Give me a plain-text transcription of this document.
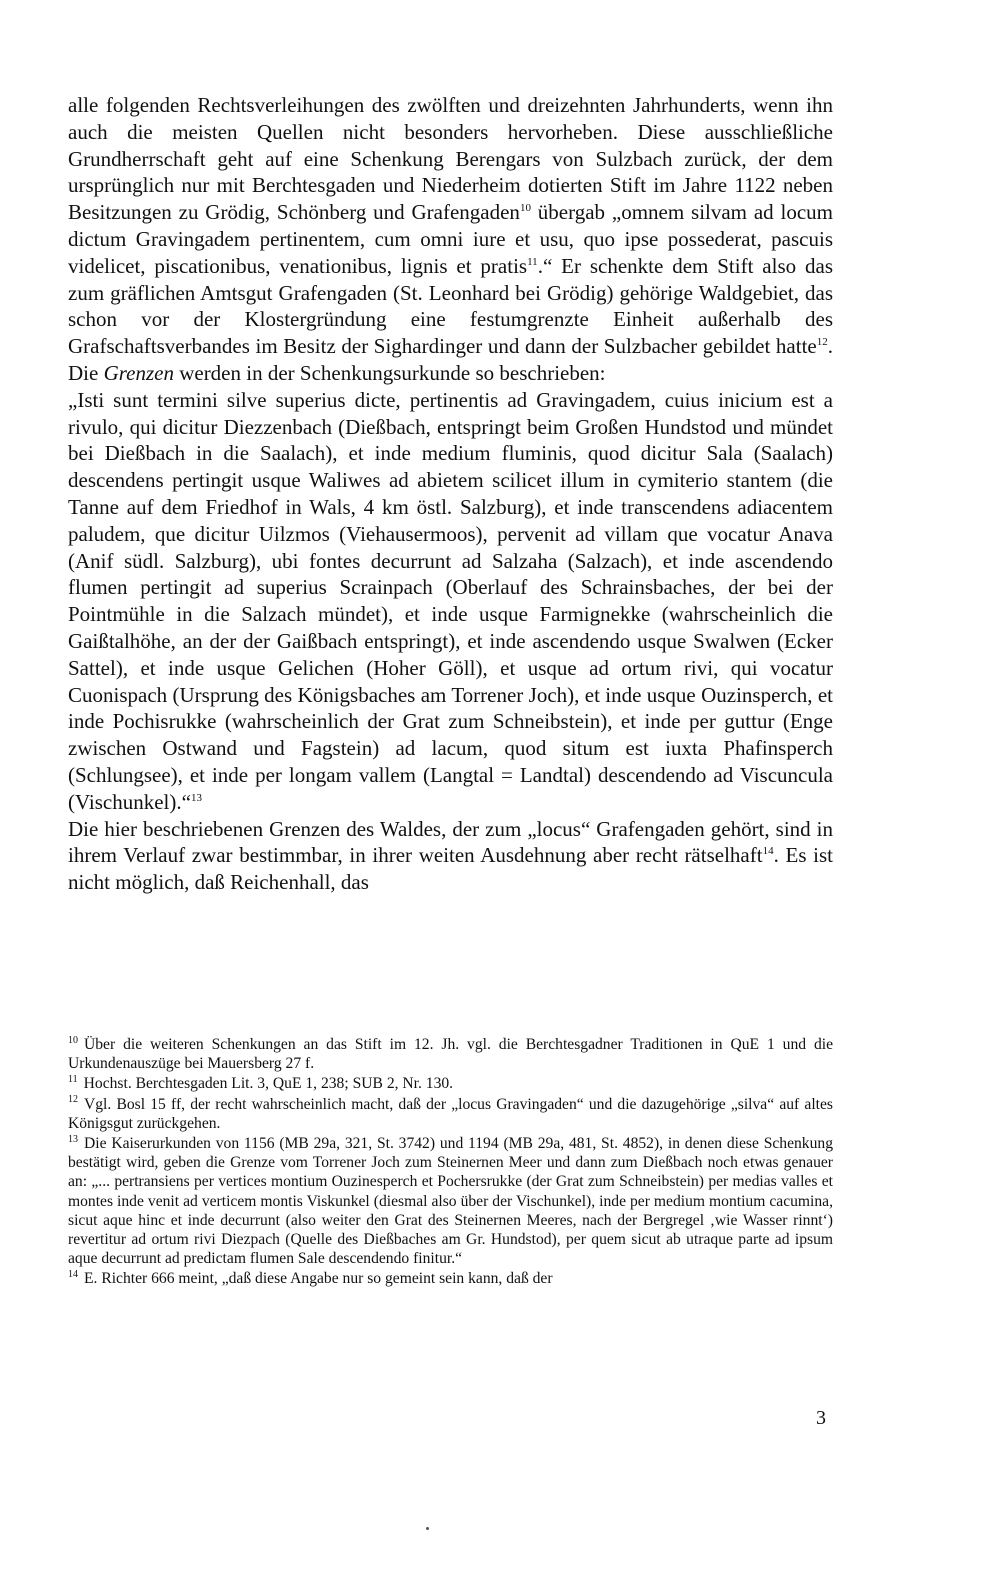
alle folgenden Rechtsverleihungen des zwölften und dreizehnten Jahrhunderts, wenn ihn auch die meisten Quellen nicht besonders hervorheben. Diese ausschließliche Grundherrschaft geht auf eine Schenkung Berengars von Sulzbach zurück, der dem ursprünglich nur mit Berchtesgaden und Niederheim dotierten Stift im Jahre 1122 neben Besitzungen zu Grödig, Schönberg und Grafengaden$^{10}$ übergab „omnem silvam ad locum dictum Gravingadem pertinentem, cum omni iure et usu, quo ipse possederat, pascuis videlicet, piscationibus, venationibus, lignis et pratis$^{11}$.“ Er schenkte dem Stift also das zum gräflichen Amtsgut Grafengaden (St. Leonhard bei Grödig) gehörige Waldgebiet, das schon vor der Klostergründung eine festumgrenzte Einheit außerhalb des Grafschaftsverbandes im Besitz der Sighardinger und dann der Sulzbacher gebildet hatte$^{12}$. Die Grenzen werden in der Schenkungsurkunde so beschrieben:
„Isti sunt termini silve superius dicte, pertinentis ad Gravingadem, cuius inicium est a rivulo, qui dicitur Diezzenbach (Dießbach, entspringt beim Großen Hundstod und mündet bei Dießbach in die Saalach), et inde medium fluminis, quod dicitur Sala (Saalach) descendens pertingit usque Waliwes ad abietem scilicet illum in cymiterio stantem (die Tanne auf dem Friedhof in Wals, 4 km östl. Salzburg), et inde transcendens adiacentem paludem, que dicitur Uilzmos (Viehausermoos), pervenit ad villam que vocatur Anava (Anif südl. Salzburg), ubi fontes decurrunt ad Salzaha (Salzach), et inde ascendendo flumen pertingit ad superius Scrainpach (Oberlauf des Schrainsbaches, der bei der Pointmühle in die Salzach mündet), et inde usque Farmignekke (wahrscheinlich die Gaißtalhöhe, an der der Gaißbach entspringt), et inde ascendendo usque Swalwen (Ecker Sattel), et inde usque Gelichen (Hoher Göll), et usque ad ortum rivi, qui vocatur Cuonispach (Ursprung des Königsbaches am Torrener Joch), et inde usque Ouzinsperch, et inde Pochisrukke (wahrscheinlich der Grat zum Schneibstein), et inde per guttur (Enge zwischen Ostwand und Fagstein) ad lacum, quod situm est iuxta Phafinsperch (Schlungsee), et inde per longam vallem (Langtal = Landtal) descendendo ad Viscuncula (Vischunkel).“$^{13}$
Die hier beschriebenen Grenzen des Waldes, der zum „locus“ Grafengaden gehört, sind in ihrem Verlauf zwar bestimmbar, in ihrer weiten Ausdehnung aber recht rätselhaft$^{14}$. Es ist nicht möglich, daß Reichenhall, das

$^{10}$ Über die weiteren Schenkungen an das Stift im 12. Jh. vgl. die Berchtesgadner Traditionen in QuE 1 und die Urkundenauszüge bei Mauersberg 27 f.

$^{11}$ Hochst. Berchtesgaden Lit. 3, QuE 1, 238; SUB 2, Nr. 130.

$^{12}$ Vgl. Bosl 15 ff, der recht wahrscheinlich macht, daß der „locus Gravingaden“ und die dazugehörige „silva“ auf altes Königsgut zurückgehen.

$^{13}$ Die Kaiserurkunden von 1156 (MB 29a, 321, St. 3742) und 1194 (MB 29a, 481, St. 4852), in denen diese Schenkung bestätigt wird, geben die Grenze vom Torrener Joch zum Steinernen Meer und dann zum Dießbach noch etwas genauer an: „... pertransiens per vertices montium Ouzinesperch et Pochersrukke (der Grat zum Schneibstein) per medias valles et montes inde venit ad verticem montis Viskunkel (diesmal also über der Vischunkel), inde per medium montium cacumina, sicut aque hinc et inde decurrunt (also weiter den Grat des Steinernen Meeres, nach der Bergregel ‚wie Wasser rinnt‘) revertitur ad ortum rivi Diezpach (Quelle des Dießbaches am Gr. Hundstod), per quem sicut ab utraque parte ad ipsum aque decurrunt ad predictam flumen Sale descendendo finitur.“

$^{14}$ E. Richter 666 meint, „daß diese Angabe nur so gemeint sein kann, daß der

3
